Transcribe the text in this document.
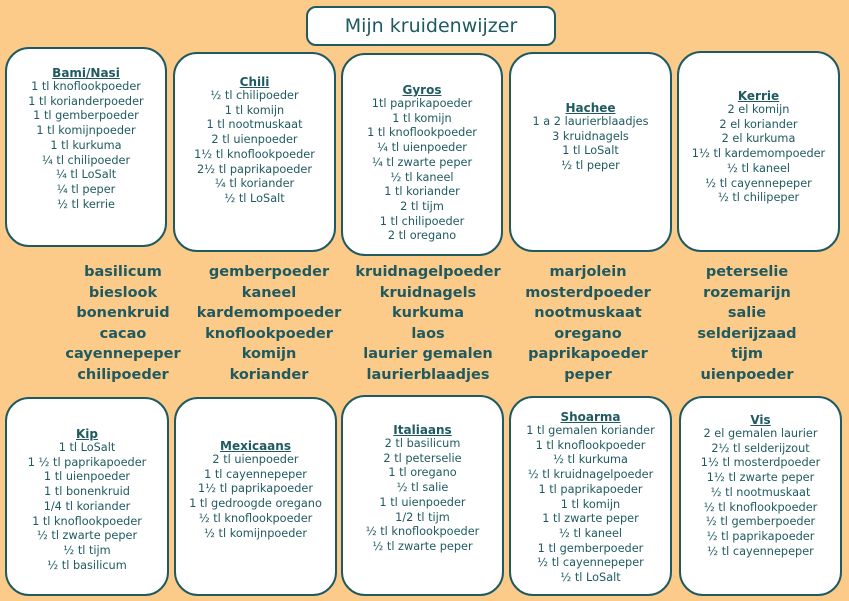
Mijn kruidenwijzer
Bami/Nasi
1 tl knoflookpoeder
1 tl korianderpoeder
1 tl gemberpoeder
1 tl komijnpoeder
1 tl kurkuma
¼ tl chilipoeder
¼ tl LoSalt
¼ tl peper
½ tl kerrie
Chili
½ tl chilipoeder
1 tl komijn
1 tl nootmuskaat
2 tl uienpoeder
1½ tl knoflookpoeder
2½ tl paprikapoeder
¼ tl koriander
½ tl LoSalt
Gyros
1tl paprikapoeder
1 tl komijn
1 tl knoflookpoeder
¼ tl uienpoeder
¼ tl zwarte peper
½ tl kaneel
1 tl koriander
2 tl tijm
1 tl chilipoeder
2 tl oregano
Hachee
1 a 2 laurierblaadjes
3 kruidnagels
1 tl LoSalt
½ tl peper
Kerrie
2 el komijn
2 el koriander
2 el kurkuma
1½ tl kardemompoeder
½ tl kaneel
½ tl cayennepeper
½ tl chilipeper
basilicum
bieslook
bonenkruid
cacao
cayennepeper
chilipoeder
gemberpoeder
kaneel
kardemompoeder
knoflookpoeder
komijn
koriander
kruidnagelpoeder
kruidnagels
kurkuma
laos
laurier gemalen
laurierblaadjes
marjolein
mosterdpoeder
nootmuskaat
oregano
paprikapoeder
peper
peterselie
rozemarijn
salie
selderijzaad
tijm
uienpoeder
Kip
1 tl LoSalt
1 ½ tl paprikapoeder
1 tl uienpoeder
1 tl bonenkruid
1/4 tl koriander
1 tl knoflookpoeder
½ tl zwarte peper
½ tl tijm
½ tl basilicum
Mexicaans
2 tl uienpoeder
1 tl cayennepeper
1½ tl paprikapoeder
1 tl gedroogde oregano
½ tl knoflookpoeder
½ tl komijnpoeder
Italiaans
2 tl basilicum
2 tl peterselie
1 tl oregano
½ tl salie
1 tl uienpoeder
1/2 tl tijm
½ tl knoflookpoeder
½ tl zwarte peper
Shoarma
1 tl gemalen koriander
1 tl knoflookpoeder
½ tl kurkuma
½ tl kruidnagelpoeder
1 tl paprikapoeder
1 tl komijn
1 tl zwarte peper
½ tl kaneel
1 tl gemberpoeder
½ tl cayennepeper
½ tl LoSalt
Vis
2 el gemalen laurier
2½ tl selderijzout
1½ tl mosterdpoeder
1½ tl zwarte peper
½ tl nootmuskaat
½ tl knoflookpoeder
½ tl gemberpoeder
½ tl paprikapoeder
½ tl cayennepeper
